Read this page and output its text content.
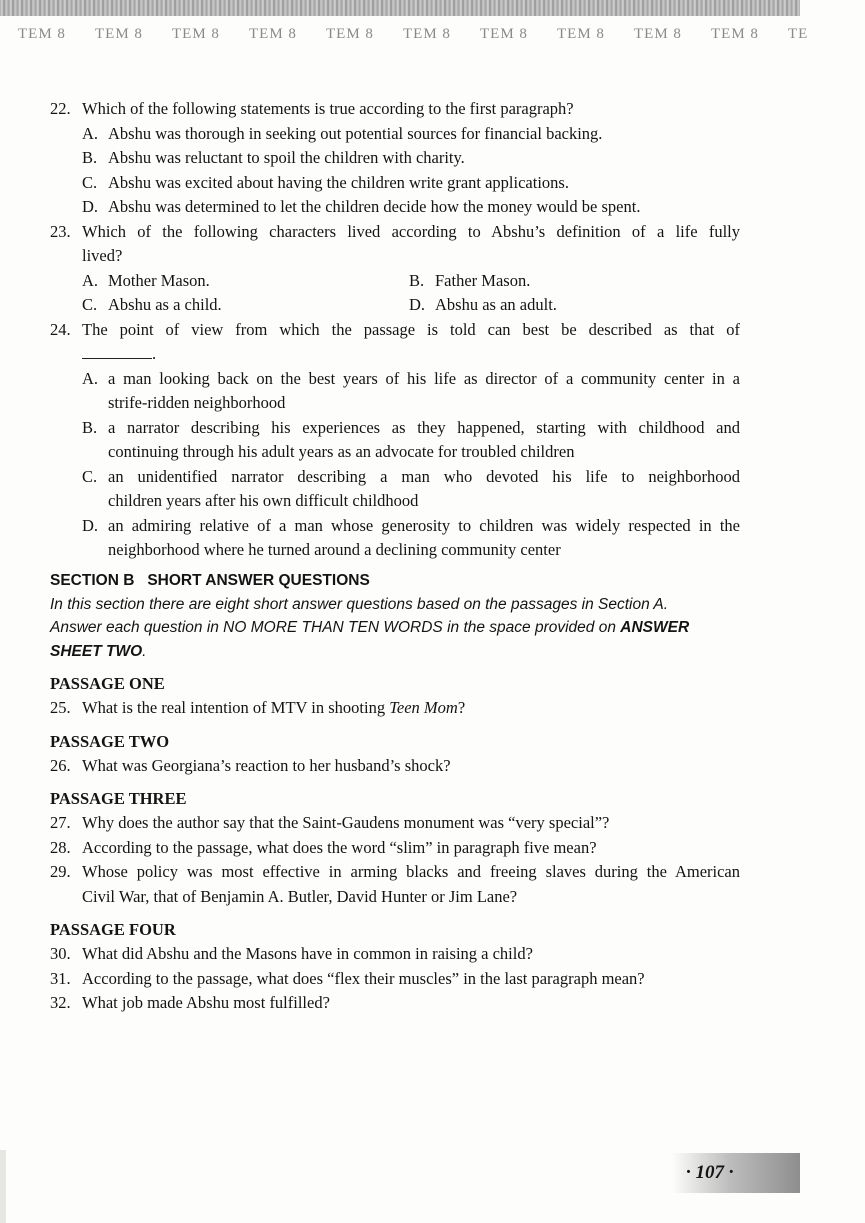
TEM 8	TEM 8	TEM 8	TEM 8	TEM 8	TEM 8	TEM 8	TEM 8	TEM 8	TEM 8	TE
22. Which of the following statements is true according to the first paragraph?
A. Abshu was thorough in seeking out potential sources for financial backing.
B. Abshu was reluctant to spoil the children with charity.
C. Abshu was excited about having the children write grant applications.
D. Abshu was determined to let the children decide how the money would be spent.
23. Which of the following characters lived according to Abshu’s definition of a life fully
lived?
A. Mother Mason.	B. Father Mason.
C. Abshu as a child.	D. Abshu as an adult.
24. The point of view from which the passage is told can best be described as that of
.
A. a man looking back on the best years of his life as director of a community center in a
strife-ridden neighborhood
B. a narrator describing his experiences as they happened, starting with childhood and
continuing through his adult years as an advocate for troubled children
C. an unidentified narrator describing a man who devoted his life to neighborhood
children years after his own difficult childhood
D. an admiring relative of a man whose generosity to children was widely respected in the
neighborhood where he turned around a declining community center
SECTION B   SHORT ANSWER QUESTIONS
In this section there are eight short answer questions based on the passages in Section A.
Answer each question in NO MORE THAN TEN WORDS in the space provided on ANSWER
SHEET TWO.
PASSAGE ONE
25. What is the real intention of MTV in shooting Teen Mom?
PASSAGE TWO
26. What was Georgiana’s reaction to her husband’s shock?
PASSAGE THREE
27. Why does the author say that the Saint-Gaudens monument was “very special”?
28. According to the passage, what does the word “slim” in paragraph five mean?
29. Whose policy was most effective in arming blacks and freeing slaves during the American
Civil War, that of Benjamin A. Butler, David Hunter or Jim Lane?
PASSAGE FOUR
30. What did Abshu and the Masons have in common in raising a child?
31. According to the passage, what does “flex their muscles” in the last paragraph mean?
32. What job made Abshu most fulfilled?
· 107 ·
